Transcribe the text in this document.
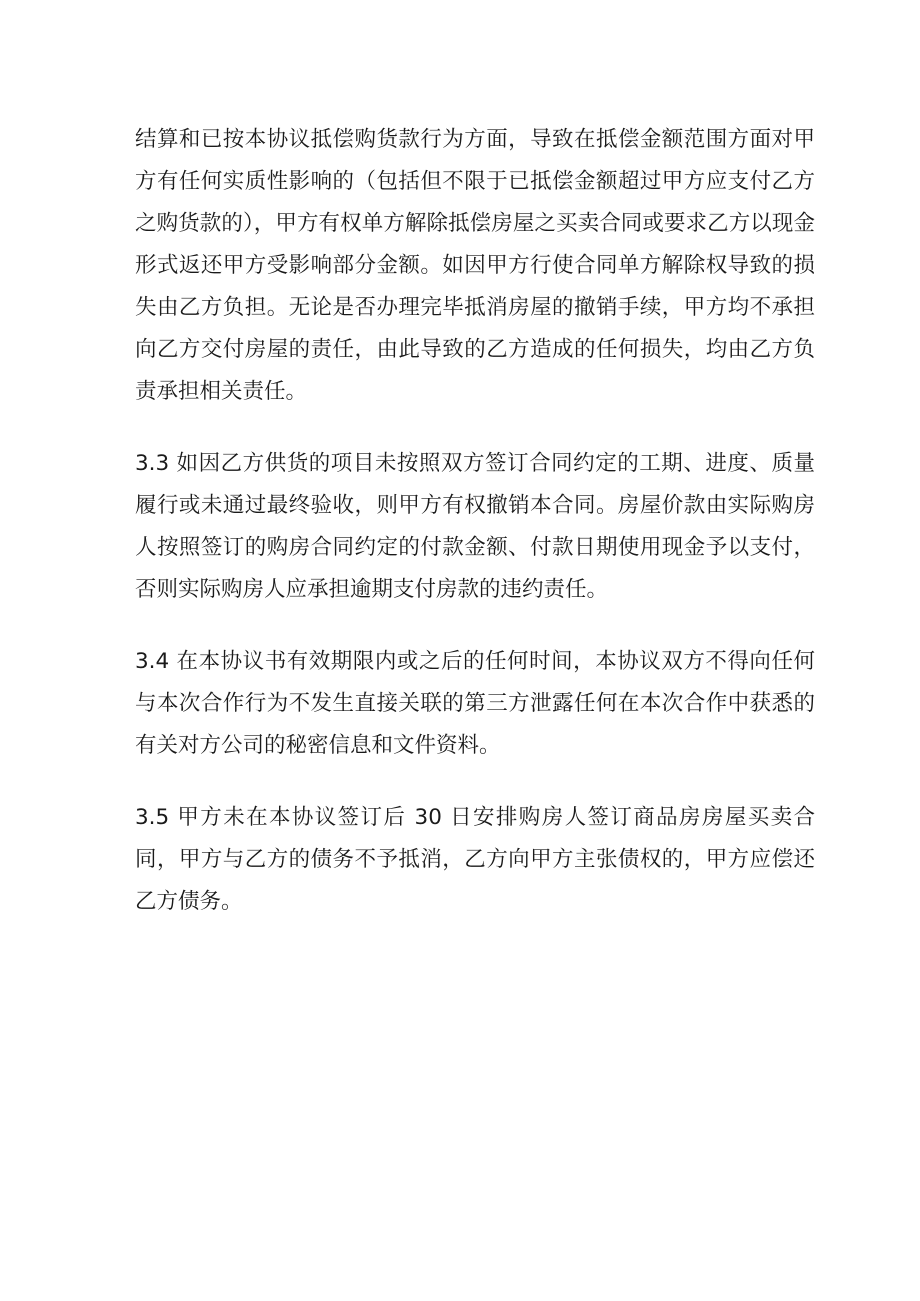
结算和已按本协议抵偿购货款行为方面，导致在抵偿金额范围方面对甲方有任何实质性影响的（包括但不限于已抵偿金额超过甲方应支付乙方之购货款的），甲方有权单方解除抵偿房屋之买卖合同或要求乙方以现金形式返还甲方受影响部分金额。如因甲方行使合同单方解除权导致的损失由乙方负担。无论是否办理完毕抵消房屋的撤销手续，甲方均不承担向乙方交付房屋的责任，由此导致的乙方造成的任何损失，均由乙方负责承担相关责任。

3.3 如因乙方供货的项目未按照双方签订合同约定的工期、进度、质量履行或未通过最终验收，则甲方有权撤销本合同。房屋价款由实际购房人按照签订的购房合同约定的付款金额、付款日期使用现金予以支付，否则实际购房人应承担逾期支付房款的违约责任。

3.4 在本协议书有效期限内或之后的任何时间，本协议双方不得向任何与本次合作行为不发生直接关联的第三方泄露任何在本次合作中获悉的有关对方公司的秘密信息和文件资料。

3.5 甲方未在本协议签订后 30 日安排购房人签订商品房房屋买卖合同，甲方与乙方的债务不予抵消，乙方向甲方主张债权的，甲方应偿还乙方债务。
